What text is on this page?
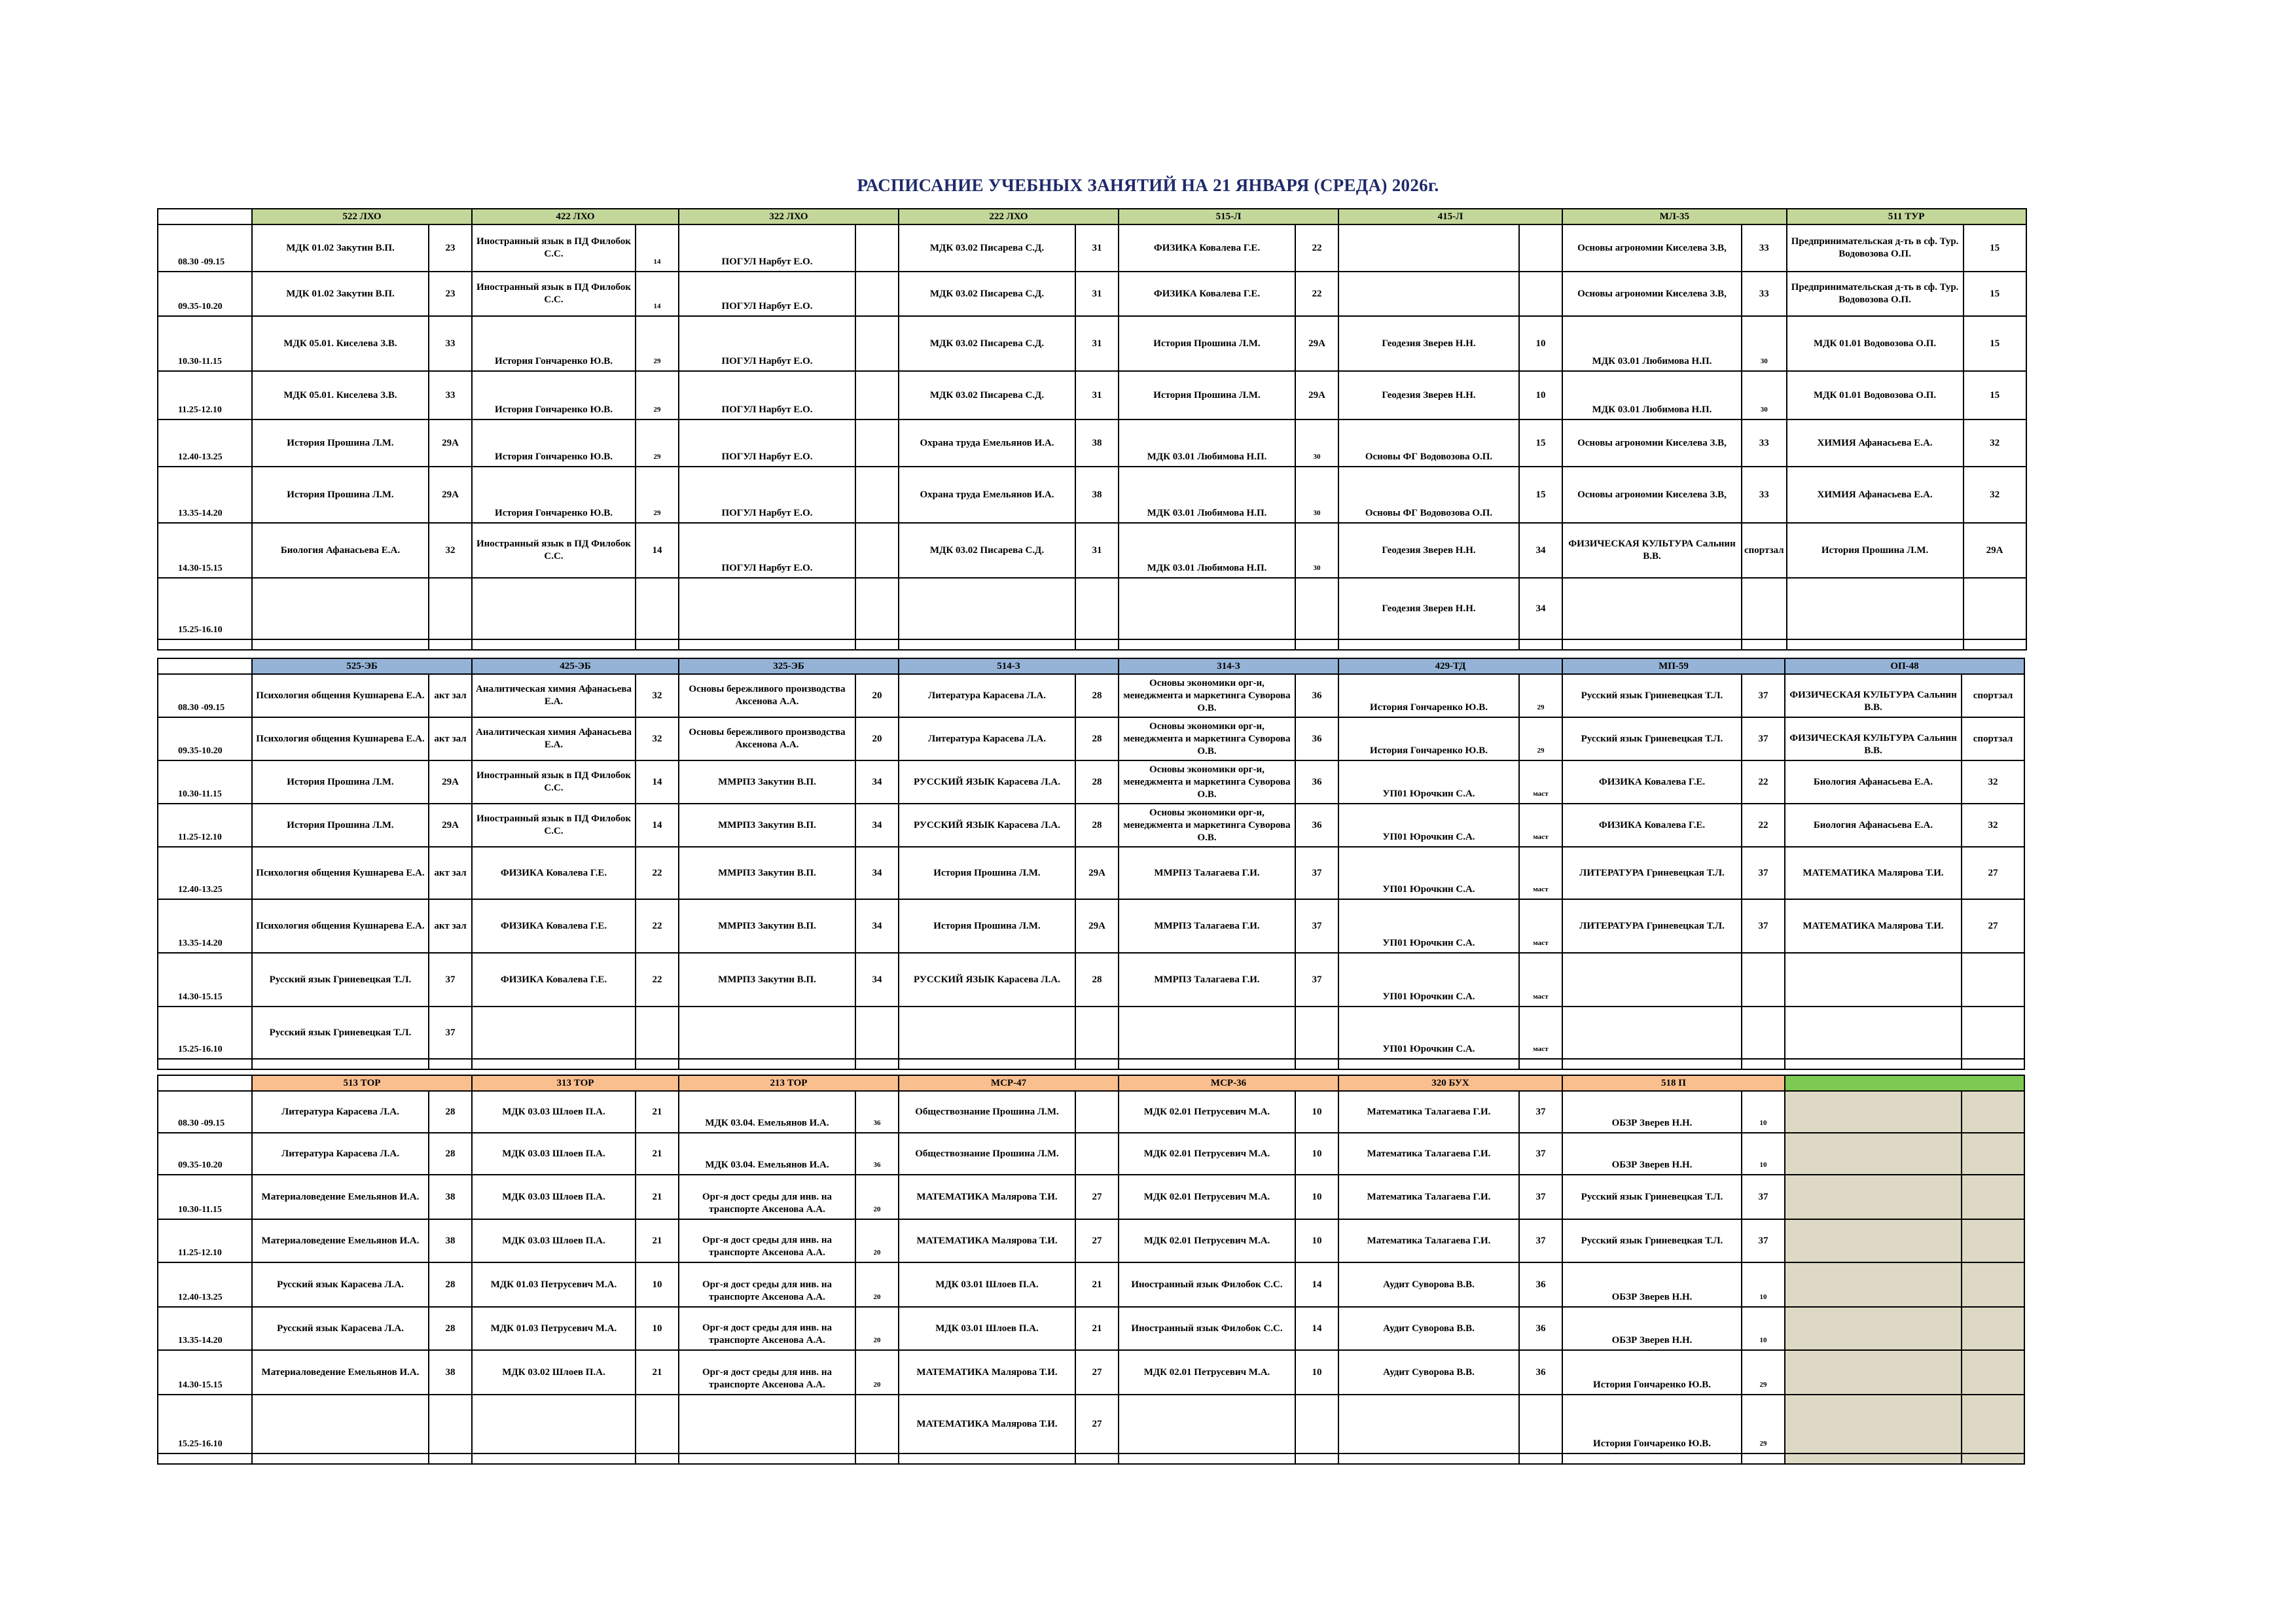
РАСПИСАНИЕ УЧЕБНЫХ ЗАНЯТИЙ НА 21 ЯНВАРЯ (СРЕДА) 2026г.
	522 ЛХО		422 ЛХО		322 ЛХО		222 ЛХО		515-Л		415-Л		МЛ-35		511 ТУР	
08.30 -09.15	МДК 01.02 Закутин В.П.	23	Иностранный язык в ПД Филобок С.С.	14	ПОГУЛ Нарбут Е.О.		МДК 03.02 Писарева С.Д.	31	ФИЗИКА Ковалева Г.Е.	22			Основы агрономии Киселева З.В,	33	Предпринимательская д-ть в сф. Тур. Водовозова О.П.	15
09.35-10.20	МДК 01.02 Закутин В.П.	23	Иностранный язык в ПД Филобок С.С.	14	ПОГУЛ Нарбут Е.О.		МДК 03.02 Писарева С.Д.	31	ФИЗИКА Ковалева Г.Е.	22			Основы агрономии Киселева З.В,	33	Предпринимательская д-ть в сф. Тур. Водовозова О.П.	15
10.30-11.15	МДК 05.01. Киселева З.В.	33	История Гончаренко Ю.В.	29	ПОГУЛ Нарбут Е.О.		МДК 03.02 Писарева С.Д.	31	История Прошина Л.М.	29А	Геодезия Зверев Н.Н.	10	МДК 03.01 Любимова Н.П.	30	МДК 01.01 Водовозова О.П.	15
11.25-12.10	МДК 05.01. Киселева З.В.	33	История Гончаренко Ю.В.	29	ПОГУЛ Нарбут Е.О.		МДК 03.02 Писарева С.Д.	31	История Прошина Л.М.	29А	Геодезия Зверев Н.Н.	10	МДК 03.01 Любимова Н.П.	30	МДК 01.01 Водовозова О.П.	15
12.40-13.25	История Прошина Л.М.	29А	История Гончаренко Ю.В.	29	ПОГУЛ Нарбут Е.О.		Охрана труда Емельянов И.А.	38	МДК 03.01 Любимова Н.П.	30	Основы ФГ Водовозова О.П.	15	Основы агрономии Киселева З.В,	33	ХИМИЯ Афанасьева Е.А.	32
13.35-14.20	История Прошина Л.М.	29А	История Гончаренко Ю.В.	29	ПОГУЛ Нарбут Е.О.		Охрана труда Емельянов И.А.	38	МДК 03.01 Любимова Н.П.	30	Основы ФГ Водовозова О.П.	15	Основы агрономии Киселева З.В,	33	ХИМИЯ Афанасьева Е.А.	32
14.30-15.15	Биология Афанасьева Е.А.	32	Иностранный язык в ПД Филобок С.С.	14	ПОГУЛ Нарбут Е.О.		МДК 03.02 Писарева С.Д.	31	МДК 03.01 Любимова Н.П.	30	Геодезия Зверев Н.Н.	34	ФИЗИЧЕСКАЯ КУЛЬТУРА Сальнин В.В.	спортзал	История Прошина Л.М.	29А
15.25-16.10											Геодезия Зверев Н.Н.	34				

	525-ЭБ		425-ЭБ		325-ЭБ		514-З		314-З		429-ТД		МП-59		ОП-48	
08.30 -09.15	Психология общения Кушнарева Е.А.	акт зал	Аналитическая химия Афанасьева Е.А.	32	Основы бережливого производства Аксенова А.А.	20	Литература Карасева Л.А.	28	Основы экономики орг-и, менеджмента и маркетинга Суворова О.В.	36	История Гончаренко Ю.В.	29	Русский язык Гриневецкая Т.Л.	37	ФИЗИЧЕСКАЯ КУЛЬТУРА Сальнин В.В.	спортзал
09.35-10.20	Психология общения Кушнарева Е.А.	акт зал	Аналитическая химия Афанасьева Е.А.	32	Основы бережливого производства Аксенова А.А.	20	Литература Карасева Л.А.	28	Основы экономики орг-и, менеджмента и маркетинга Суворова О.В.	36	История Гончаренко Ю.В.	29	Русский язык Гриневецкая Т.Л.	37	ФИЗИЧЕСКАЯ КУЛЬТУРА Сальнин В.В.	спортзал
10.30-11.15	История Прошина Л.М.	29А	Иностранный язык в ПД Филобок С.С.	14	ММРПЗ Закутин В.П.	34	РУССКИЙ ЯЗЫК Карасева Л.А.	28	Основы экономики орг-и, менеджмента и маркетинга Суворова О.В.	36	УП01 Юрочкин С.А.	маст	ФИЗИКА Ковалева Г.Е.	22	Биология Афанасьева Е.А.	32
11.25-12.10	История Прошина Л.М.	29А	Иностранный язык в ПД Филобок С.С.	14	ММРПЗ Закутин В.П.	34	РУССКИЙ ЯЗЫК Карасева Л.А.	28	Основы экономики орг-и, менеджмента и маркетинга Суворова О.В.	36	УП01 Юрочкин С.А.	маст	ФИЗИКА Ковалева Г.Е.	22	Биология Афанасьева Е.А.	32
12.40-13.25	Психология общения Кушнарева Е.А.	акт зал	ФИЗИКА Ковалева Г.Е.	22	ММРПЗ Закутин В.П.	34	История Прошина Л.М.	29А	ММРПЗ Талагаева Г.И.	37	УП01 Юрочкин С.А.	маст	ЛИТЕРАТУРА Гриневецкая Т.Л.	37	МАТЕМАТИКА Малярова Т.И.	27
13.35-14.20	Психология общения Кушнарева Е.А.	акт зал	ФИЗИКА Ковалева Г.Е.	22	ММРПЗ Закутин В.П.	34	История Прошина Л.М.	29А	ММРПЗ Талагаева Г.И.	37	УП01 Юрочкин С.А.	маст	ЛИТЕРАТУРА Гриневецкая Т.Л.	37	МАТЕМАТИКА Малярова Т.И.	27
14.30-15.15	Русский язык Гриневецкая Т.Л.	37	ФИЗИКА Ковалева Г.Е.	22	ММРПЗ Закутин В.П.	34	РУССКИЙ ЯЗЫК Карасева Л.А.	28	ММРПЗ Талагаева Г.И.	37	УП01 Юрочкин С.А.	маст				
15.25-16.10	Русский язык Гриневецкая Т.Л.	37									УП01 Юрочкин С.А.	маст				

	513 ТОР		313 ТОР		213 ТОР		МСР-47		МСР-36		320 БУХ		518 П			
08.30 -09.15	Литература Карасева Л.А.	28	МДК 03.03 Шлоев П.А.	21	МДК 03.04. Емельянов И.А.	36	Обществознание Прошина Л.М.		МДК 02.01 Петрусевич М.А.	10	Математика Талагаева Г.И.	37	ОБЗР Зверев Н.Н.	10		
09.35-10.20	Литература Карасева Л.А.	28	МДК 03.03 Шлоев П.А.	21	МДК 03.04. Емельянов И.А.	36	Обществознание Прошина Л.М.		МДК 02.01 Петрусевич М.А.	10	Математика Талагаева Г.И.	37	ОБЗР Зверев Н.Н.	10		
10.30-11.15	Материаловедение Емельянов И.А.	38	МДК 03.03 Шлоев П.А.	21	Орг-я дост среды для инв. на транспорте Аксенова А.А.	20	МАТЕМАТИКА Малярова Т.И.	27	МДК 02.01 Петрусевич М.А.	10	Математика Талагаева Г.И.	37	Русский язык Гриневецкая Т.Л.	37		
11.25-12.10	Материаловедение Емельянов И.А.	38	МДК 03.03 Шлоев П.А.	21	Орг-я дост среды для инв. на транспорте Аксенова А.А.	20	МАТЕМАТИКА Малярова Т.И.	27	МДК 02.01 Петрусевич М.А.	10	Математика Талагаева Г.И.	37	Русский язык Гриневецкая Т.Л.	37		
12.40-13.25	Русский язык Карасева Л.А.	28	МДК 01.03 Петрусевич М.А.	10	Орг-я дост среды для инв. на транспорте Аксенова А.А.	20	МДК 03.01 Шлоев П.А.	21	Иностранный язык Филобок С.С.	14	Аудит Суворова В.В.	36	ОБЗР Зверев Н.Н.	10		
13.35-14.20	Русский язык Карасева Л.А.	28	МДК 01.03 Петрусевич М.А.	10	Орг-я дост среды для инв. на транспорте Аксенова А.А.	20	МДК 03.01 Шлоев П.А.	21	Иностранный язык Филобок С.С.	14	Аудит Суворова В.В.	36	ОБЗР Зверев Н.Н.	10		
14.30-15.15	Материаловедение Емельянов И.А.	38	МДК 03.02 Шлоев П.А.	21	Орг-я дост среды для инв. на транспорте Аксенова А.А.	20	МАТЕМАТИКА Малярова Т.И.	27	МДК 02.01 Петрусевич М.А.	10	Аудит Суворова В.В.	36	История Гончаренко Ю.В.	29		
15.25-16.10							МАТЕМАТИКА Малярова Т.И.	27					История Гончаренко Ю.В.	29		
